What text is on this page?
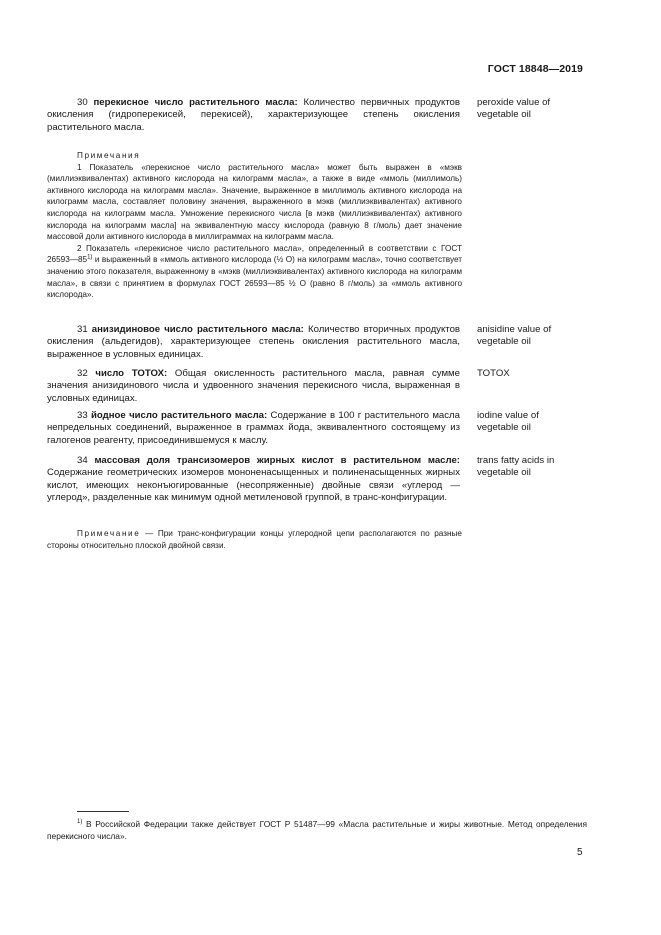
ГОСТ 18848—2019

30 перекисное число растительного масла: Количество первичных продуктов окисления (гидроперекисей, перекисей), характеризующее степень окисления растительного масла.

peroxide value of
vegetable oil

Примечания

1 Показатель «перекисное число растительного масла» может быть выражен в «мэкв (миллиэквивалентах) активного кислорода на килограмм масла», а также в виде «ммоль (миллимоль) активного кислорода на килограмм масла». Значение, выраженное в миллимоль активного кислорода на килограмм масла, составляет половину значения, выраженного в мэкв (миллиэквивалентах) активного кислорода на килограмм масла. Умножение перекисного числа [в мэкв (миллиэквивалентах) активного кислорода на килограмм масла] на эквивалентную массу кислорода (равную 8 г/моль) дает значение массовой доли активного кислорода в миллиграммах на килограмм масла.

2 Показатель «перекисное число растительного масла», определенный в соответствии с ГОСТ 26593—85$^{1)}$ и выраженный в «ммоль активного кислорода (½ O) на килограмм масла», точно соответствует значению этого показателя, выраженному в «мэкв (миллиэквивалентах) активного кислорода на килограмм масла», в связи с принятием в формулах ГОСТ 26593—85 ½ O (равно 8 г/моль) за «ммоль активного кислорода».

31 анизидиновое число растительного масла: Количество вторичных продуктов окисления (альдегидов), характеризующее степень окисления растительного масла, выраженное в условных единицах.

anisidine value of
vegetable oil

32 число ТОТОХ: Общая окисленность растительного масла, равная сумме значения анизидинового числа и удвоенного значения перекисного числа, выраженная в условных единицах.

TOTOX

33 йодное число растительного масла: Содержание в 100 г растительного масла непредельных соединений, выраженное в граммах йода, эквивалентного состоящему из галогенов реагенту, присоединившемуся к маслу.

iodine value of
vegetable oil

34 массовая доля трансизомеров жирных кислот в растительном масле: Содержание геометрических изомеров мононенасыщенных и полиненасыщенных жирных кислот, имеющих неконъюгированные (несопряженные) двойные связи «углерод — углерод», разделенные как минимум одной метиленовой группой, в транс-конфигурации.

trans fatty acids in
vegetable oil

Примечание — При транс-конфигурации концы углеродной цепи располагаются по разные стороны относительно плоской двойной связи.

$^{1)}$ В Российской Федерации также действует ГОСТ Р 51487—99 «Масла растительные и жиры животные. Метод определения перекисного числа».

5
